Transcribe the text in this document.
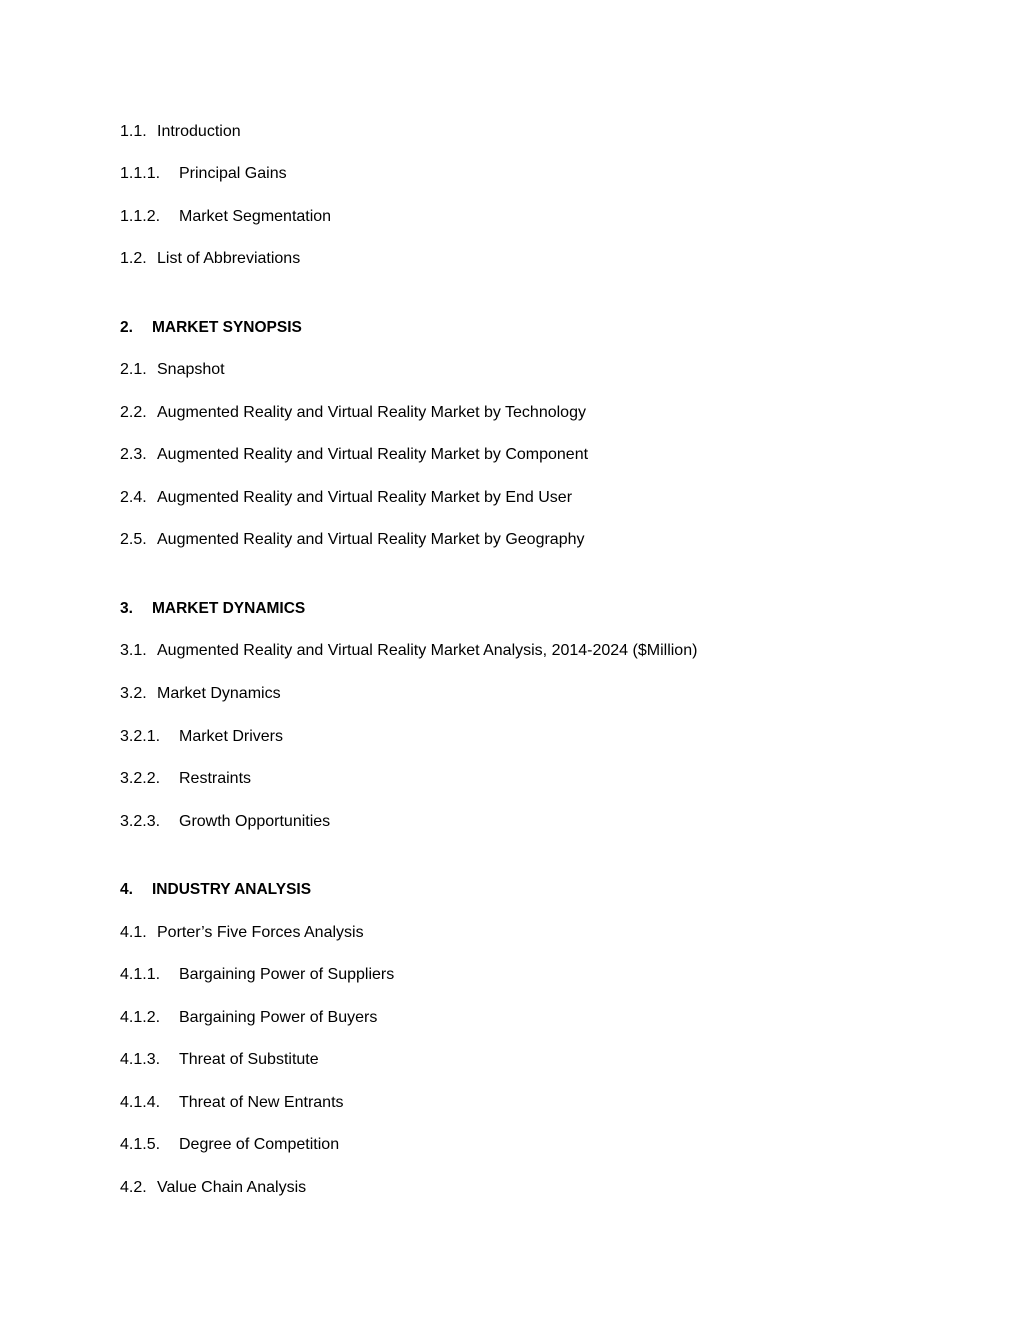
1.1. Introduction
1.1.1. Principal Gains
1.1.2. Market Segmentation
1.2. List of Abbreviations
2. MARKET SYNOPSIS
2.1. Snapshot
2.2. Augmented Reality and Virtual Reality Market by Technology
2.3. Augmented Reality and Virtual Reality Market by Component
2.4. Augmented Reality and Virtual Reality Market by End User
2.5. Augmented Reality and Virtual Reality Market by Geography
3. MARKET DYNAMICS
3.1. Augmented Reality and Virtual Reality Market Analysis, 2014-2024 ($Million)
3.2. Market Dynamics
3.2.1. Market Drivers
3.2.2. Restraints
3.2.3. Growth Opportunities
4. INDUSTRY ANALYSIS
4.1. Porter’s Five Forces Analysis
4.1.1. Bargaining Power of Suppliers
4.1.2. Bargaining Power of Buyers
4.1.3. Threat of Substitute
4.1.4. Threat of New Entrants
4.1.5. Degree of Competition
4.2. Value Chain Analysis
